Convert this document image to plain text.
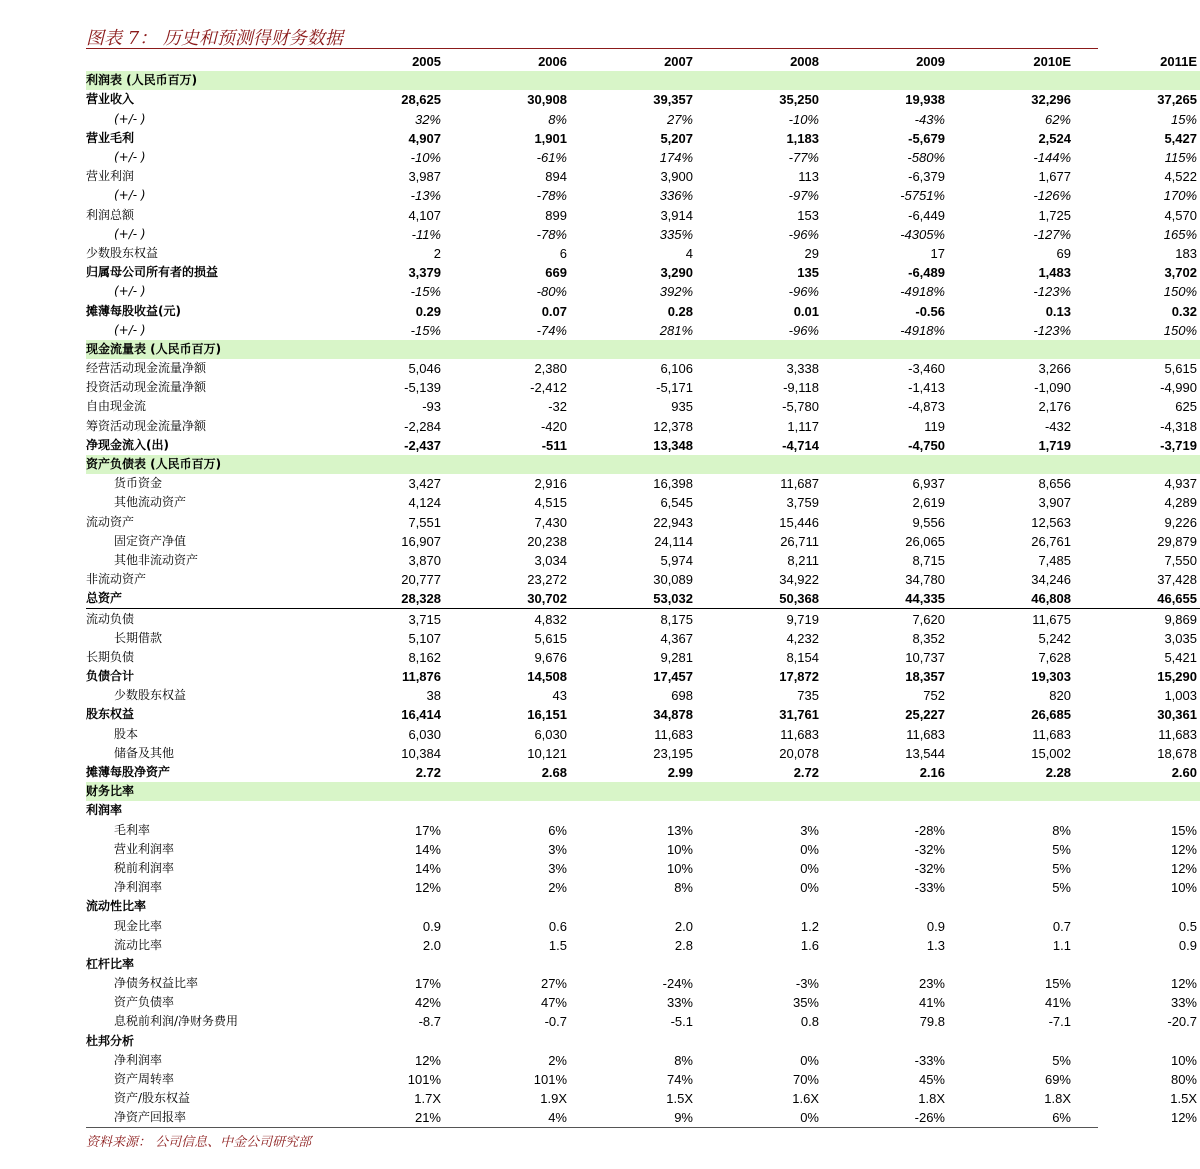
图表 7： 历史和预测得财务数据
	2005	2006	2007	2008	2009	2010E	2011E
利润表 (人民币百万)							
营业收入	28,625	30,908	39,357	35,250	19,938	32,296	37,265
(+/- )	32%	8%	27%	-10%	-43%	62%	15%
营业毛利	4,907	1,901	5,207	1,183	-5,679	2,524	5,427
(+/- )	-10%	-61%	174%	-77%	-580%	-144%	115%
营业利润	3,987	894	3,900	113	-6,379	1,677	4,522
(+/- )	-13%	-78%	336%	-97%	-5751%	-126%	170%
利润总额	4,107	899	3,914	153	-6,449	1,725	4,570
(+/- )	-11%	-78%	335%	-96%	-4305%	-127%	165%
少数股东权益	2	6	4	29	17	69	183
归属母公司所有者的损益	3,379	669	3,290	135	-6,489	1,483	3,702
(+/- )	-15%	-80%	392%	-96%	-4918%	-123%	150%
摊薄每股收益(元)	0.29	0.07	0.28	0.01	-0.56	0.13	0.32
(+/- )	-15%	-74%	281%	-96%	-4918%	-123%	150%
现金流量表 (人民币百万)							
经营活动现金流量净额	5,046	2,380	6,106	3,338	-3,460	3,266	5,615
投资活动现金流量净额	-5,139	-2,412	-5,171	-9,118	-1,413	-1,090	-4,990
自由现金流	-93	-32	935	-5,780	-4,873	2,176	625
筹资活动现金流量净额	-2,284	-420	12,378	1,117	119	-432	-4,318
净现金流入(出)	-2,437	-511	13,348	-4,714	-4,750	1,719	-3,719
资产负债表 (人民币百万)							
货币资金	3,427	2,916	16,398	11,687	6,937	8,656	4,937
其他流动资产	4,124	4,515	6,545	3,759	2,619	3,907	4,289
流动资产	7,551	7,430	22,943	15,446	9,556	12,563	9,226
固定资产净值	16,907	20,238	24,114	26,711	26,065	26,761	29,879
其他非流动资产	3,870	3,034	5,974	8,211	8,715	7,485	7,550
非流动资产	20,777	23,272	30,089	34,922	34,780	34,246	37,428
总资产	28,328	30,702	53,032	50,368	44,335	46,808	46,655
流动负债	3,715	4,832	8,175	9,719	7,620	11,675	9,869
长期借款	5,107	5,615	4,367	4,232	8,352	5,242	3,035
长期负债	8,162	9,676	9,281	8,154	10,737	7,628	5,421
负债合计	11,876	14,508	17,457	17,872	18,357	19,303	15,290
少数股东权益	38	43	698	735	752	820	1,003
股东权益	16,414	16,151	34,878	31,761	25,227	26,685	30,361
股本	6,030	6,030	11,683	11,683	11,683	11,683	11,683
储备及其他	10,384	10,121	23,195	20,078	13,544	15,002	18,678
摊薄每股净资产	2.72	2.68	2.99	2.72	2.16	2.28	2.60
财务比率							
利润率							
毛利率	17%	6%	13%	3%	-28%	8%	15%
营业利润率	14%	3%	10%	0%	-32%	5%	12%
税前利润率	14%	3%	10%	0%	-32%	5%	12%
净利润率	12%	2%	8%	0%	-33%	5%	10%
流动性比率							
现金比率	0.9	0.6	2.0	1.2	0.9	0.7	0.5
流动比率	2.0	1.5	2.8	1.6	1.3	1.1	0.9
杠杆比率							
净债务权益比率	17%	27%	-24%	-3%	23%	15%	12%
资产负债率	42%	47%	33%	35%	41%	41%	33%
息税前利润/净财务费用	-8.7	-0.7	-5.1	0.8	79.8	-7.1	-20.7
杜邦分析							
净利润率	12%	2%	8%	0%	-33%	5%	10%
资产周转率	101%	101%	74%	70%	45%	69%	80%
资产/股东权益	1.7X	1.9X	1.5X	1.6X	1.8X	1.8X	1.5X
净资产回报率	21%	4%	9%	0%	-26%	6%	12%
资料来源： 公司信息、中金公司研究部
